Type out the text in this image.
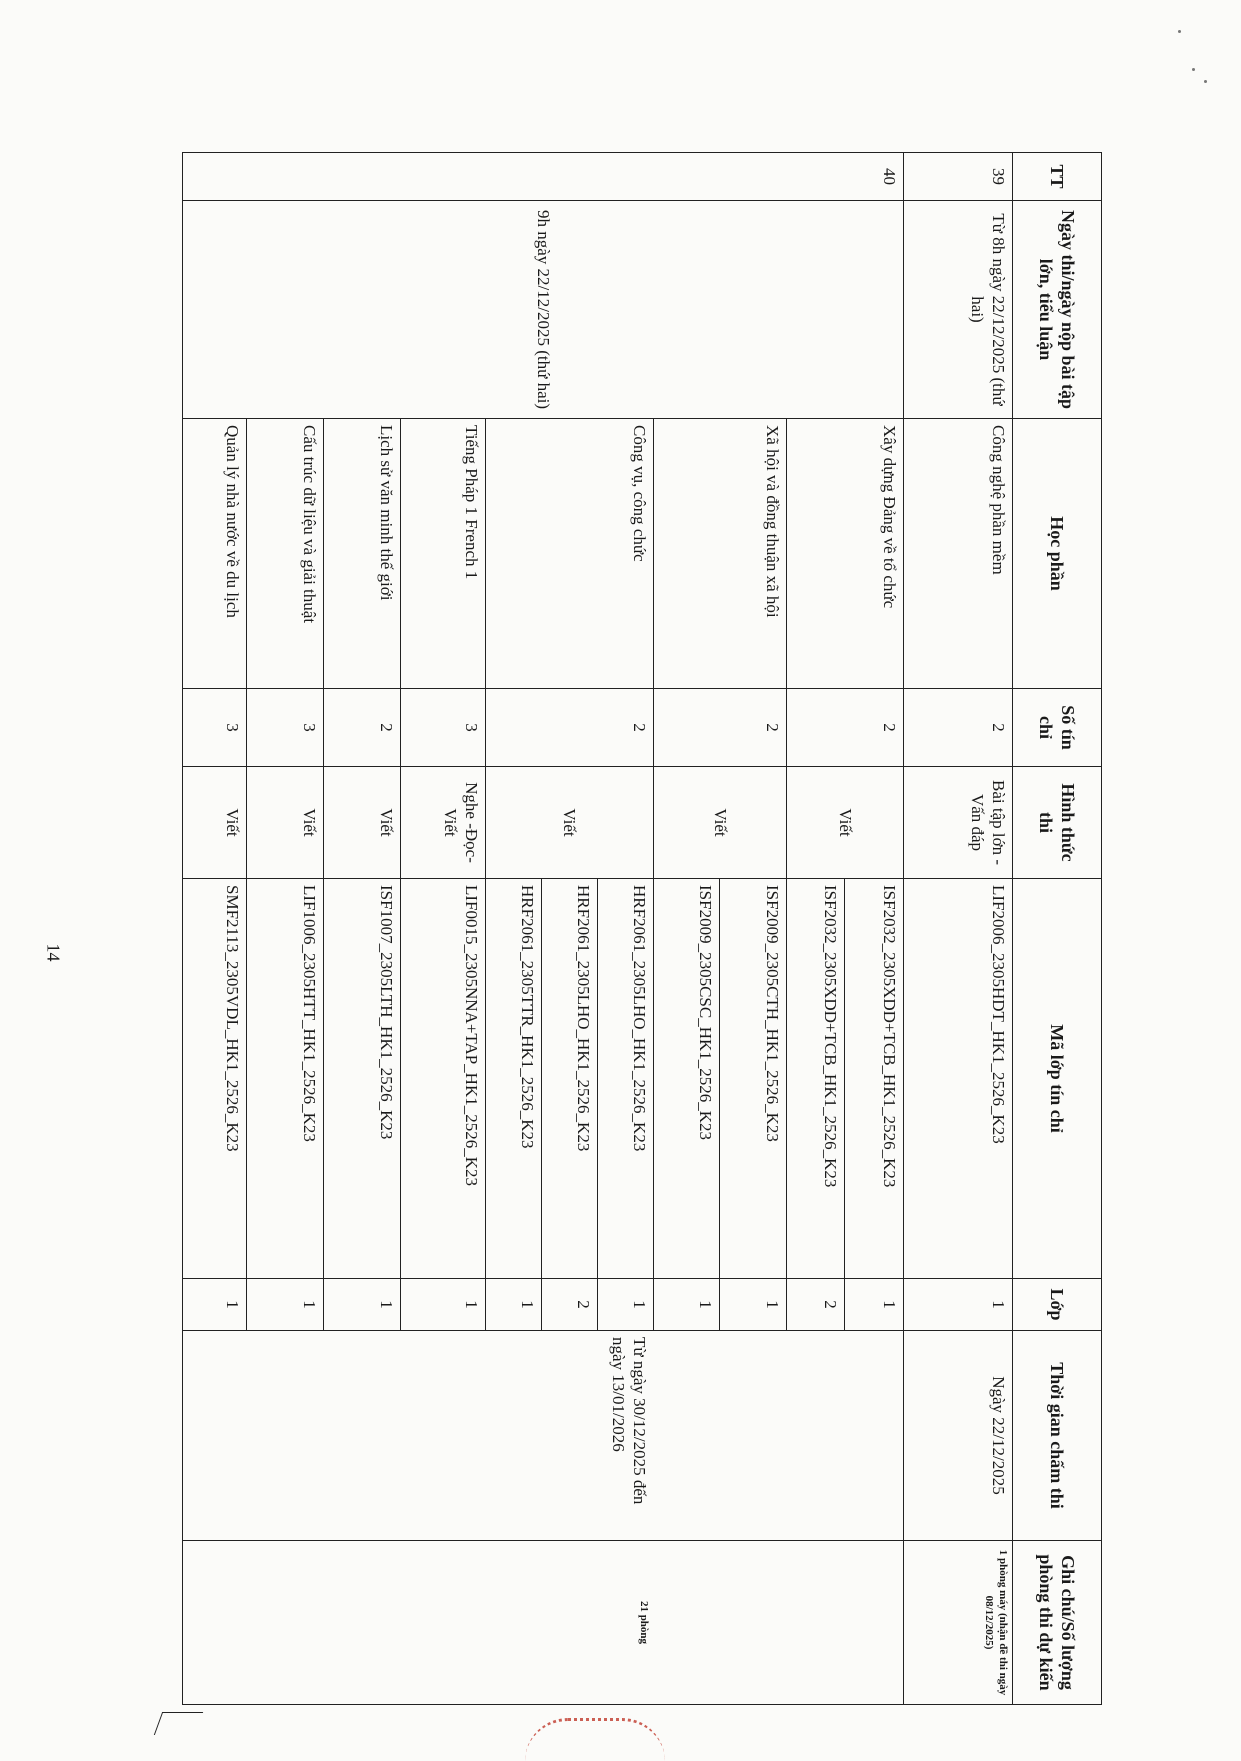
TT	Ngày thi/ngày nộp bài tập lớn, tiểu luận	Học phần	Số tín chỉ	Hình thức thi	Mã lớp tín chỉ	Lớp	Thời gian chấm thi	Ghi chú/Số lượng phòng thi dự kiến
39	Từ 8h ngày 22/12/2025 (thứ hai)	Công nghệ phần mềm	2	Bài tập lớn - Vấn đáp	LIF2006_2305HDT_HK1_2526_K23	1	Ngày 22/12/2025	1 phòng máy (nhận đề thi ngày 08/12/2025)
40	9h ngày 22/12/2025 (thứ hai)	Xây dựng Đảng về tổ chức	2	Viết	ISF2032_2305XDD+TCB_HK1_2526_K23	1		
					ISF2032_2305XDD+TCB_HK1_2526_K23	2		
		Xã hội và đồng thuận xã hội	2	Viết	ISF2009_2305CTH_HK1_2526_K23	1		
					ISF2009_2305CSC_HK1_2526_K23	1		
		Công vụ, công chức	2	Viết	HRF2061_2305LHO_HK1_2526_K23	1	Từ ngày 30/12/2025 đến ngày 13/01/2026	21 phòng
					HRF2061_2305LHO_HK1_2526_K23	2		
					HRF2061_2305TTR_HK1_2526_K23	1		
		Tiếng Pháp 1 French 1	3	Nghe -Đọc- Viết	LIF0015_2305NNA+TAP_HK1_2526_K23	1		
		Lịch sử văn minh thế giới	2	Viết	ISF1007_2305LTH_HK1_2526_K23	1		
		Cấu trúc dữ liệu và giải thuật	3	Viết	LIF1006_2305HTT_HK1_2526_K23	1		
		Quản lý nhà nước về du lịch	3	Viết	SMF2113_2305VDL_HK1_2526_K23	1		
14
